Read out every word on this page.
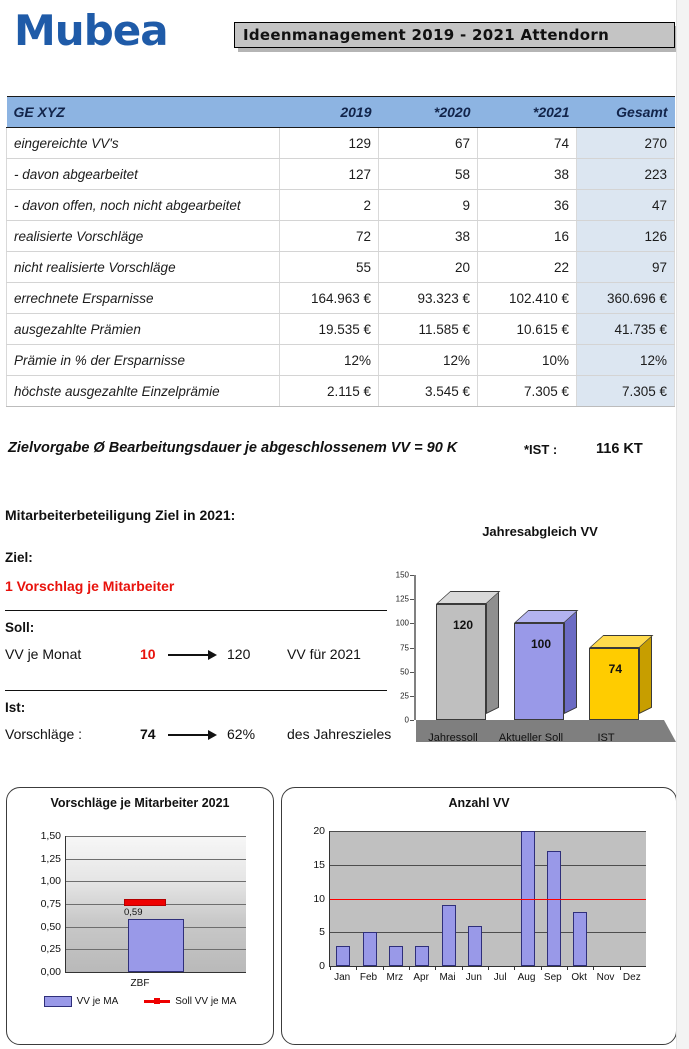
Mubea	Ideenmanagement 2019 - 2021 Attendorn
GE XYZ	2019	*2020	*2021	Gesamt
eingereichte VV's	129	67	74	270
- davon abgearbeitet	127	58	38	223
- davon offen, noch nicht abgearbeitet	2	9	36	47
realisierte Vorschläge	72	38	16	126
nicht realisierte Vorschläge	55	20	22	97
errechnete Ersparnisse	164.963 €	93.323 €	102.410 €	360.696 €
ausgezahlte Prämien	19.535 €	11.585 €	10.615 €	41.735 €
Prämie in % der Ersparnisse	12%	12%	10%	12%
höchste ausgezahlte Einzelprämie	2.115 €	3.545 €	7.305 €	7.305 €
Zielvorgabe Ø Bearbeitungsdauer je abgeschlossenem VV = 90 K	*IST :	116 KT
Mitarbeiterbeteiligung Ziel in 2021:
Ziel:
1 Vorschlag je Mitarbeiter
Soll:
VV je Monat	10	120	VV für 2021
Ist:
Vorschläge :	74	62% des Jahreszieles
Jahresabgleich VV
0
25
50
75
100
125
150
120
100
74
Jahressoll	Aktueller Soll	IST
Vorschläge je Mitarbeiter 2021
0,00
0,25
0,50
0,75
1,00
1,25
1,50
0,59
ZBF
VV je MA	Soll VV je MA
Anzahl VV
0
5
10
15
20
Jan Feb Mrz Apr Mai Jun Jul Aug Sep Okt Nov Dez
